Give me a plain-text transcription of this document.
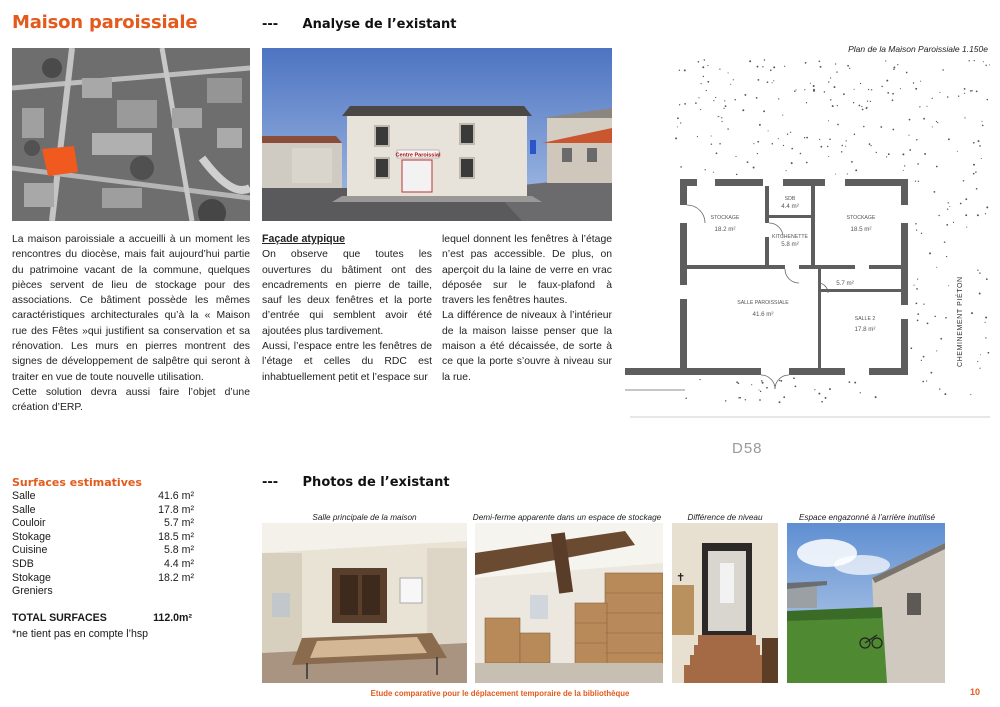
Maison paroissiale	--- Analyse de l’existant
Centre Paroissial

La maison paroissiale a accueilli à un moment les rencontres du diocèse, mais fait aujourd’hui partie du patrimoine vacant de la commune, quelques pièces servent de lieu de stockage pour des associations. Ce bâtiment possède les mêmes caractéristiques architecturales qu’à la « Maison rue des Fêtes »qui justifient sa conservation et sa rénovation. Les murs en pierres montrent des signes de développement de salpêtre qui seront à traiter en vue de toute nouvelle utilisation.

Cette solution devra aussi faire l’objet d’une création d’ERP.

Façade atypique

On observe que toutes les ouvertures du bâtiment ont des encadrements en pierre de taille, sauf les deux fenêtres et la porte d’entrée qui semblent avoir été ajoutées plus tardivement.

Aussi, l’espace entre les fenêtres de l’étage et celles du RDC est inhabtuellement petit et l’espace sur

lequel donnent les fenêtres à l’étage n’est pas accessible. De plus, on aperçoit du la laine de verre en vrac déposée sur le faux-plafond à travers les fenêtres hautes.

La différence de niveaux à l’intérieur de la maison laisse penser que la maison a été décaissée, de sorte à ce que la porte s’ouvre à niveau sur la rue.

Plan de la Maison Paroissiale 1.150e
STOCKAGE
18.2 m²
SDB
4.4 m²
STOCKAGE
18.5 m²
KITCHENETTE
5.8 m²
5.7 m²
SALLE PAROISSIALE
41.6 m²
SALLE 2
17.8 m²	CHEMINEMENT PIÉTON
D58
Surfaces estimatives
Salle	41.6 m²
Salle	17.8 m²
Couloir	5.7 m²
Stokage	18.5 m²
Cuisine	5.8 m²
SDB	4.4 m²
Stokage	18.2 m²
Greniers
TOTAL SURFACES	112.0m²
*ne tient pas en compte l’hsp
--- Photos de l’existant
Salle principale de la maison	Demi-ferme apparente dans un espace de stockage	Différence de niveau	Espace engazonné à l’arrière inutilisé
✝
Etude comparative pour le déplacement temporaire de la bibliothèque	10
